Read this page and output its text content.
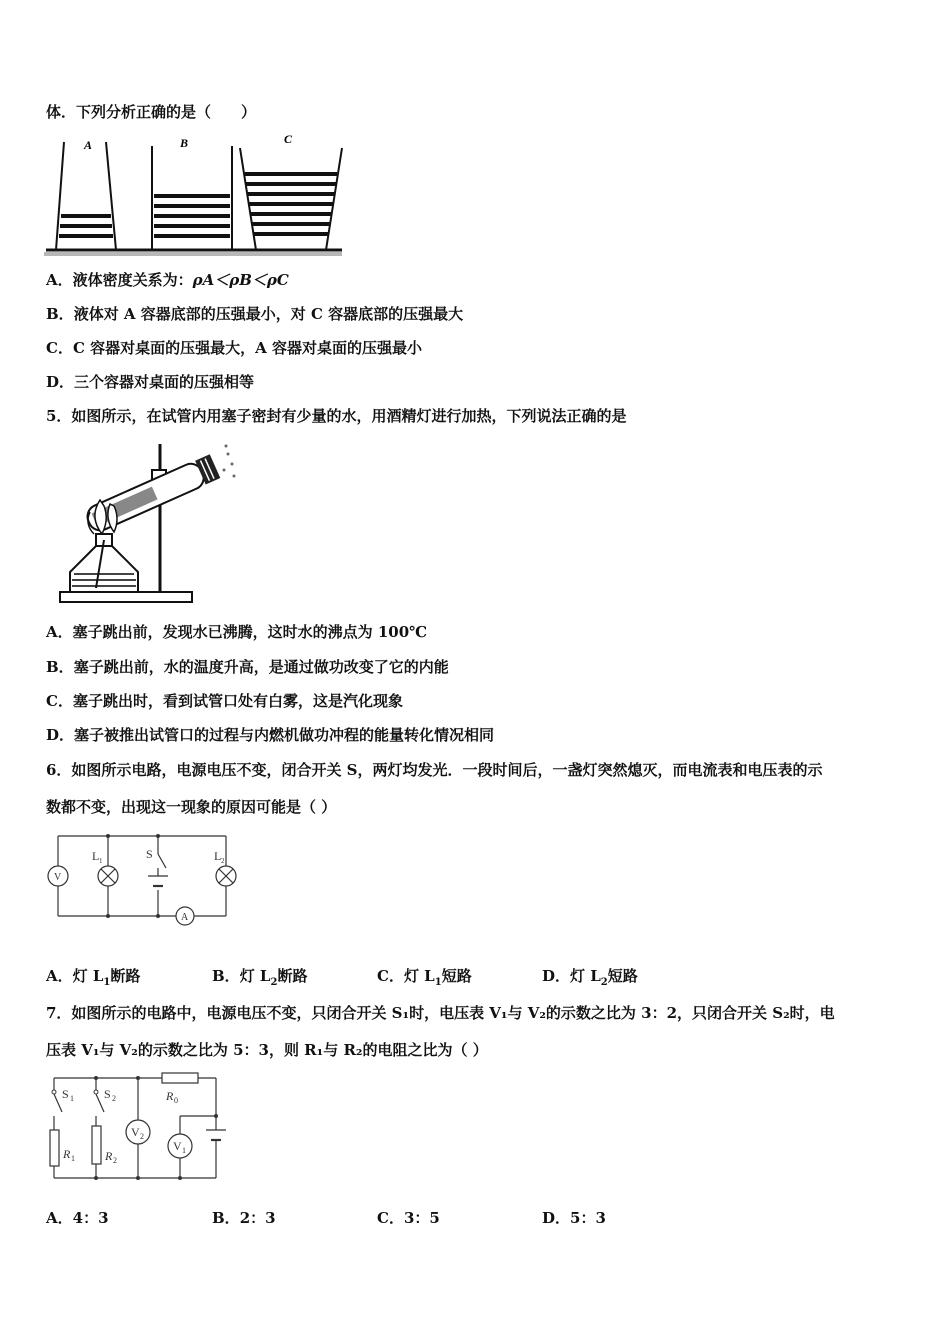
体．下列分析正确的是（　　）
A	B	C
A．液体密度关系为：ρA＜ρB＜ρC
B．液体对 A 容器底部的压强最小，对 C 容器底部的压强最大
C．C 容器对桌面的压强最大，A 容器对桌面的压强最小
D．三个容器对桌面的压强相等
5．如图所示，在试管内用塞子密封有少量的水，用酒精灯进行加热，下列说法正确的是
A．塞子跳出前，发现水已沸腾，这时水的沸点为 100℃
B．塞子跳出前，水的温度升高，是通过做功改变了它的内能
C．塞子跳出时，看到试管口处有白雾，这是汽化现象
D．塞子被推出试管口的过程与内燃机做功冲程的能量转化情况相同
6．如图所示电路，电源电压不变，闭合开关 S，两灯均发光．一段时间后，一盏灯突然熄灭，而电流表和电压表的示
数都不变，出现这一现象的原因可能是（ ）
V
L 1	S	L 2
A
A．灯 $L_1$断路	B．灯 $L_2$断路	C．灯 $L_1$短路	D．灯 $L_2$短路
7．如图所示的电路中，电源电压不变，只闭合开关 S₁时，电压表 V₁与 V₂的示数之比为 3：2，只闭合开关 S₂时，电
压表 V₁与 V₂的示数之比为 5：3，则 R₁与 R₂的电阻之比为（ ）
S 1	S 2	R 0
V 2
V 1
R 1	R 2
A．4：3	B．2：3	C．3：5	D．5：3
